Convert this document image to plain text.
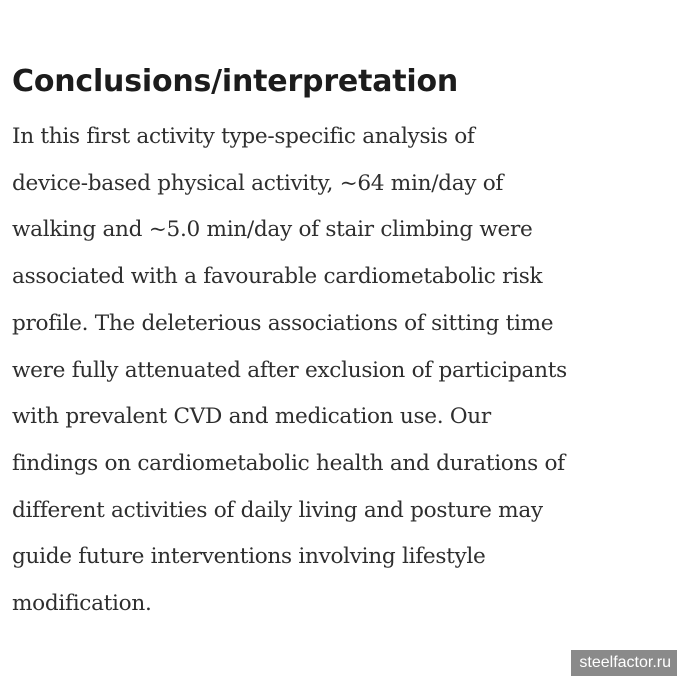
Conclusions/interpretation

In this first activity type-specific analysis of
device-based physical activity, ~64 min/day of
walking and ~5.0 min/day of stair climbing were
associated with a favourable cardiometabolic risk
profile. The deleterious associations of sitting time
were fully attenuated after exclusion of participants
with prevalent CVD and medication use. Our
findings on cardiometabolic health and durations of
different activities of daily living and posture may
guide future interventions involving lifestyle
modification.

steelfactor.ru
